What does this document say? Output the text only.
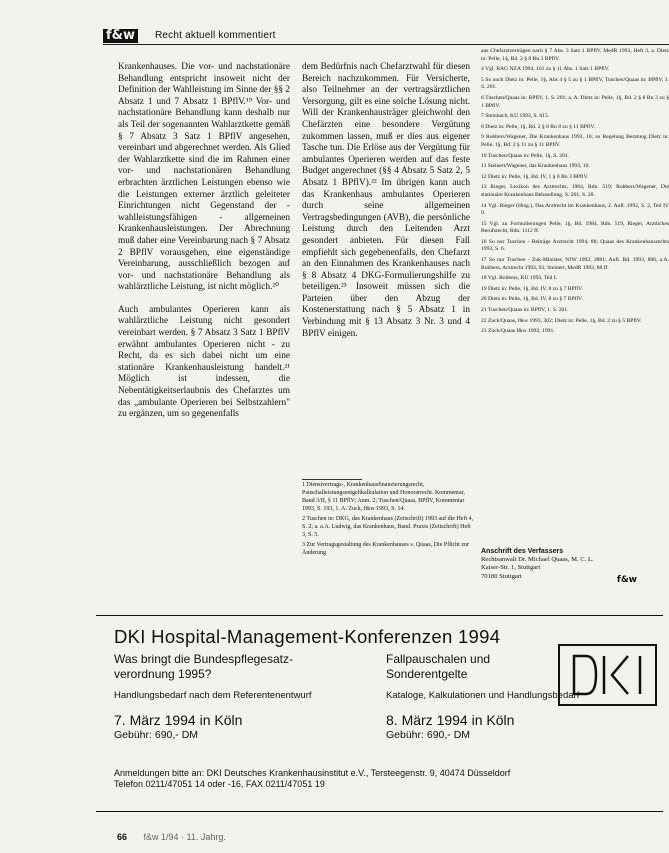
f&w	Recht aktuell kommentiert

Krankenhauses. Die vor- und nachstationäre Behandlung entspricht insoweit nicht der Definition der Wahlleistung im Sinne der §§ 2 Absatz 1 und 7 Absatz 1 BPflV.¹⁹ Vor- und nachstationäre Behandlung kann deshalb nur als Teil der sogenannten Wahlarztkette gemäß § 7 Absatz 3 Satz 1 BPflV angesehen, vereinbart und abgerechnet werden. Als Glied der Wahlarztkette sind die im Rahmen einer vor- und nachstationären Behandlung erbrachten ärztlichen Leistungen ebenso wie die Leistungen externer ärztlich geleiteter Einrichtungen nicht Gegenstand der - wahlleistungsfähigen - allgemeinen Krankenhausleistungen. Der Abrechnung muß daher eine Vereinbarung nach § 7 Absatz 2 BPflV vorausgehen, eine eigenständige Vereinbarung, ausschließlich bezogen auf vor- und nachstationäre Behandlung als wahlärztliche Leistung, ist nicht möglich.²⁰

Auch ambulantes Operieren kann als wahlärztliche Leistung nicht gesondert vereinbart werden. § 7 Absatz 3 Satz 1 BPflV erwähnt ambulantes Operieren nicht - zu Recht, da es sich dabei nicht um eine stationäre Krankenhausleistung handelt.²¹ Möglich ist indessen, die Nebentätigkeitserlaubnis des Chefarztes um das „ambulante Operieren bei Selbstzahlern" zu ergänzen, um so gegenenfalls

dem Bedürfnis nach Chefarztwahl für diesen Bereich nachzukommen. Für Versicherte, also Teilnehmer an der vertragsärztlichen Versorgung, gilt es eine solche Lösung nicht. Will der Krankenhausträger gleichwohl den Chefärzten eine besondere Vergütung zukommen lassen, muß er dies aus eigener Tasche tun. Die Erlöse aus der Vergütung für ambulantes Operieren werden auf das feste Budget angerechnet (§§ 4 Absatz 5 Satz 2, 5 Absatz 1 BPflV).²² Im übrigen kann auch das Krankenhaus ambulantes Operieren durch seine allgemeinen Vertragsbedingungen (AVB), die persönliche Leistung durch den Leitenden Arzt gesondert anbieten. Für diesen Fall empfiehlt sich gegebenenfalls, den Chefarzt an den Einnahmen des Krankenhauses nach § 8 Absatz 4 DKG-Formulierungshilfe zu beteiligen.²³ Insoweit müssen sich die Parteien über den Abzug der Kostenerstattung nach § 5 Absatz 1 in Verbindung mit § 13 Absatz 3 Nr. 3 und 4 BPflV einigen.

1 Dienstvertrags-, Krankenhausfinanzierungsrecht, Pauschalleistungsentgeltkalkulation und Honorarrecht. Kommentar, Band 3/II, § 11 BPflV; Anm. 2; Tuschen/Quaas, BPflV, Kommentar 1993, S. 193, 1. A. Zuck, f&w 1993, S. 14.
2 Tuschen in: DKG, das Krankenhaus (Zeitschrift) 1993 auf die Heft 4, S. 2; a. a.A. Ludwig, das Krankenhaus, Band. Praxis (Zeitschrift) Heft 3, S. 5.
3 Zur Vertragsgestaltung des Krankenhauses s. Quaas, Die Pflicht zur Änderung
aus Chefarztverträgen nach § 7 Abs. 3 Satz 1 BPflV, MedR 1993, Heft 3, a. Dietz in: Pelle, 1§, Bd. 2 § 8 Rn 3 BPflV.
4 Vgl. BAG NZA 1994, 161 zu § 11 Abs. 1 Satz 1 BPflV.
5 So auch Dietz in: Pelle, 1§, Abs 4 § 5 zu § 1 BPflV, Tuschen/Quaas in: BPflV, 1. S. 201.
6 Tuschen/Quaas in: BPflV, 1. S. 201; a. A. Dietz in: Pelle, 1§, Bd. 2 § 8 Rn 3 zu § 1 BPflV.
7 Steinbach, KU 1993, S. 815.
8 Dietz in: Pelle, 1§, Bd. 2 § 8 Rn 8 zu § 11 BPflV.
9 Robbers/Wagener, Die Krankenhaus 1993, 10; so Regelung Beratung Dietz in: Pelle, 1§, Bd. 2 § 11 zu § 11 BPflV.
10 Tuschen/Quaas in: Pelle, 1§, S. 201.
11 Steinert/Wagener, das Krankenhaus 1993, 10.
12 Dietz in: Pelle, 1§, Bd. IV, 1 § 8 Rn 3 BPflV.
13 Rieger, Lexikon des Arztrechts, 1984, Rdn. 519; Robbers/Wagener, Die stationäre Krankenhaus Behandlung, S. 201, S. 20.
14 Vgl. Rieger (Hrsg.), Das Arztrecht im Krankenhaus, 2. Aufl. 1992, S. 2, Teil IV 9.
15 Vgl. zu Formulierungen Pelle, 1§, Bd. 1984, Rdn. 519, Rieger, Arztliches Berufsrecht, Rdn. 1112 ff.
16 So nur Tuschen - Beiträge Arztrecht 1994, 88; Quaas des Krankenhausrechts 1993, S. 6.
17 So nur Tuschen - Zuk-Minister, NJW 1992, 2881; Aufl. Bd. 1993, 886, a.A. Robbers, Arztrecht 1993, 93; Steinert, MedR 1993, 88 ff.
18 Vgl. Robbers, KU 1993, Teil I.
19 Dietz in: Pelle, 1§, Bd. IV, 8 zu § 7 BPflV.
20 Dietz in: Pelle, 1§, Bd. IV, 8 zu § 7 BPflV.
21 Tuschen/Quaas in: BPflV, 1. S. 201.
22 Zuck/Quaas, f&w 1993, 302; Dietz in: Pelle, 1§, Bd. 2 zu § 5 BPflV.
23 Zuck/Quaas f&w 1992, 1991.
Anschrift des Verfassers
Rechtsanwalt Dr. Michael Quaas, M. C. L.
Kaiser-Str. 1, Stuttgart
70180 Stuttgart	f&w
DKI Hospital-Management-Konferenzen 1994
Was bringt die Bundespflegesatz-
verordnung 1995?
Handlungsbedarf nach dem Referentenentwurf
7. März 1994 in Köln
Gebühr: 690,- DM
Fallpauschalen und
Sonderentgelte
Kataloge, Kalkulationen und Handlungsbedarf
8. März 1994 in Köln
Gebühr: 690,- DM
Anmeldungen bitte an: DKI Deutsches Krankenhausinstitut e.V., Tersteegenstr. 9, 40474 Düsseldorf
Telefon 0211/47051 14 oder -16, FAX 0211/47051 19
66 f&w 1/94 · 11. Jahrg.
